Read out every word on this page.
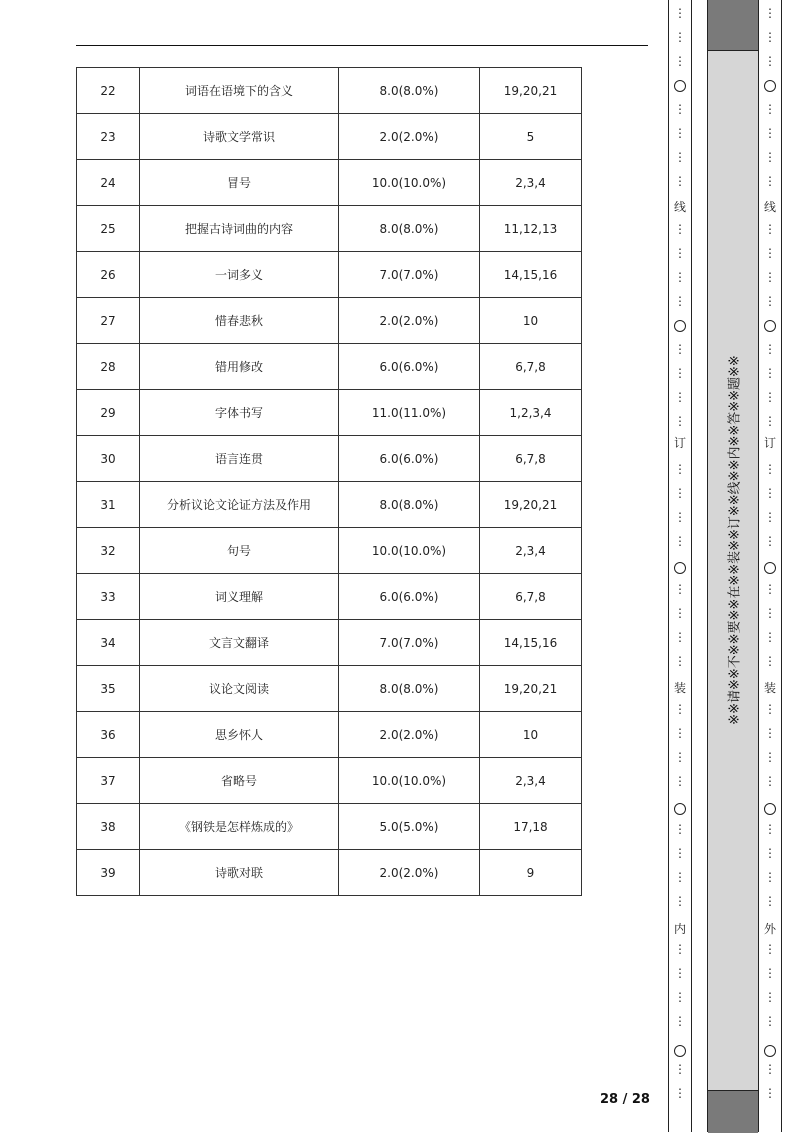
22	词语在语境下的含义	8.0(8.0%)	19,20,21
23	诗歌文学常识	2.0(2.0%)	5
24	冒号	10.0(10.0%)	2,3,4
25	把握古诗词曲的内容	8.0(8.0%)	11,12,13
26	一词多义	7.0(7.0%)	14,15,16
27	惜春悲秋	2.0(2.0%)	10
28	错用修改	6.0(6.0%)	6,7,8
29	字体书写	11.0(11.0%)	1,2,3,4
30	语言连贯	6.0(6.0%)	6,7,8
31	分析议论文论证方法及作用	8.0(8.0%)	19,20,21
32	句号	10.0(10.0%)	2,3,4
33	词义理解	6.0(6.0%)	6,7,8
34	文言文翻译	7.0(7.0%)	14,15,16
35	议论文阅读	8.0(8.0%)	19,20,21
36	思乡怀人	2.0(2.0%)	10
37	省略号	10.0(10.0%)	2,3,4
38	《钢铁是怎样炼成的》	5.0(5.0%)	17,18
39	诗歌对联	2.0(2.0%)	9
28 / 28
线
订
装
内
⋮
⋮
⋮
⋮
⋮
⋮
⋮
⋮
⋮
⋮
⋮
⋮
⋮
⋮
⋮
⋮
⋮
⋮
⋮
⋮
⋮
⋮
⋮
⋮
⋮
⋮
⋮
⋮
⋮
⋮
⋮
⋮
⋮
⋮
⋮
⋮
⋮
※※请※※不※※要※※在※※装※※订※※线※※内※※答※※题※※
线
订
装
外
⋮
⋮
⋮
⋮
⋮
⋮
⋮
⋮
⋮
⋮
⋮
⋮
⋮
⋮
⋮
⋮
⋮
⋮
⋮
⋮
⋮
⋮
⋮
⋮
⋮
⋮
⋮
⋮
⋮
⋮
⋮
⋮
⋮
⋮
⋮
⋮
⋮
